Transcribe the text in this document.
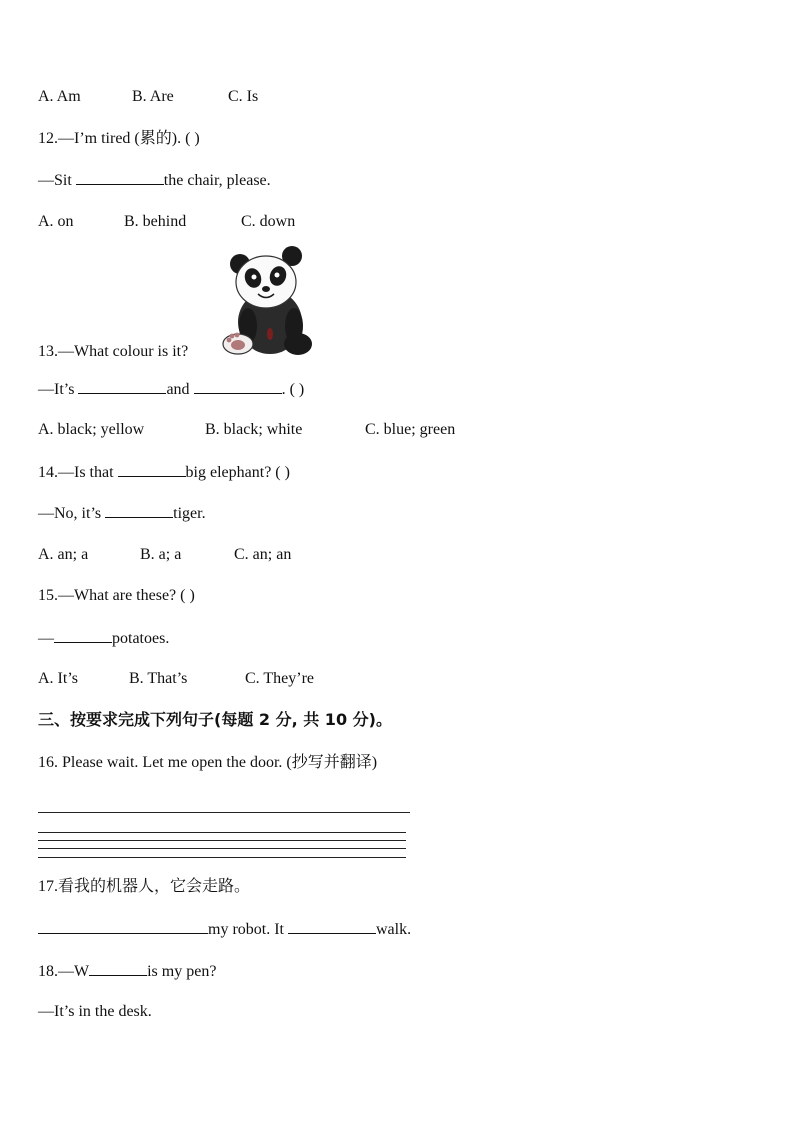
A. Am	B. Are	C. Is
12.—I’m tired (累的). ( )
—Sit	the chair, please.
A. on	B. behind	C. down
13.—What colour is it?
—It’s	and	. ( )
A. black; yellow	B. black; white	C. blue; green
14.—Is that	big elephant? ( )
—No, it’s	tiger.
A. an; a	B. a; a	C. an; an
15.—What are these? ( )
—	potatoes.
A. It’s	B. That’s	C. They’re
三、按要求完成下列句子(每题 2 分, 共 10 分)。
16. Please wait. Let me open the door. (抄写并翻译)
17.看我的机器人，它会走路。
my robot. It	walk.
18.—W	is my pen?
—It’s in the desk.
